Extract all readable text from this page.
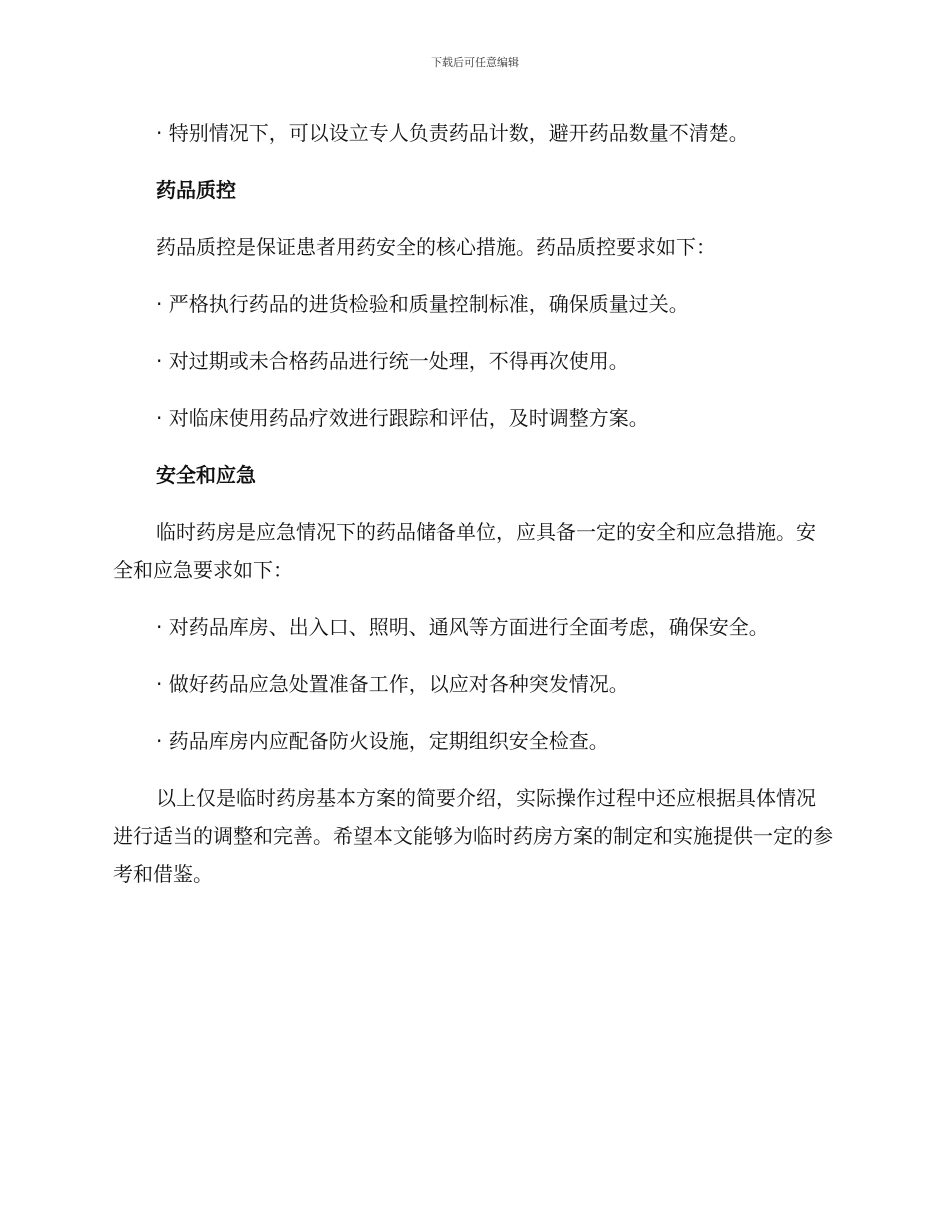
下载后可任意编辑

· 特别情况下，可以设立专人负责药品计数，避开药品数量不清楚。

药品质控

药品质控是保证患者用药安全的核心措施。药品质控要求如下：

· 严格执行药品的进货检验和质量控制标准，确保质量过关。

· 对过期或未合格药品进行统一处理，不得再次使用。

· 对临床使用药品疗效进行跟踪和评估，及时调整方案。

安全和应急

临时药房是应急情况下的药品储备单位，应具备一定的安全和应急措施。安全和应急要求如下：

· 对药品库房、出入口、照明、通风等方面进行全面考虑，确保安全。

· 做好药品应急处置准备工作，以应对各种突发情况。

· 药品库房内应配备防火设施，定期组织安全检查。

以上仅是临时药房基本方案的简要介绍，实际操作过程中还应根据具体情况进行适当的调整和完善。希望本文能够为临时药房方案的制定和实施提供一定的参考和借鉴。
